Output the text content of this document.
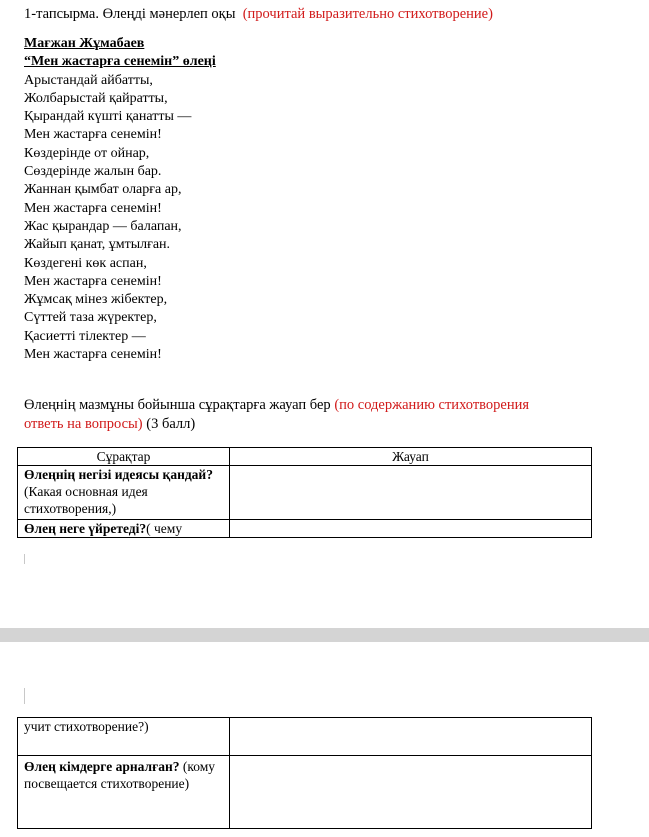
1-тапсырма. Өлеңді мәнерлеп оқы (прочитай выразительно стихотворение)
Мағжан Жұмабаев
“Мен жастарға сенемін” өлеңі
Арыстандай айбатты,
Жолбарыстай қайратты,
Қырандай күшті қанатты —
Мен жастарға сенемін!
Көздерінде от ойнар,
Сөздерінде жалын бар.
Жаннан қымбат оларға ар,
Мен жастарға сенемін!
Жас қырандар — балапан,
Жайып қанат, ұмтылған.
Көздегені көк аспан,
Мен жастарға сенемін!
Жұмсақ мінез жібектер,
Сүттей таза жүректер,
Қасиетті тілектер —
Мен жастарға сенемін!
Өлеңнің мазмұны бойынша сұрақтарға жауап бер (по содержанию стихотворения
ответь на вопросы) (3 балл)
Сұрақтар	Жауап
Өлеңнің негізі идеясы қандай? (Какая основная идея стихотворения,)	
Өлең неге үйретеді?( чему	
учит стихотворение?)	
Өлең кімдерге арналған? (кому посвещается стихотворение)	
